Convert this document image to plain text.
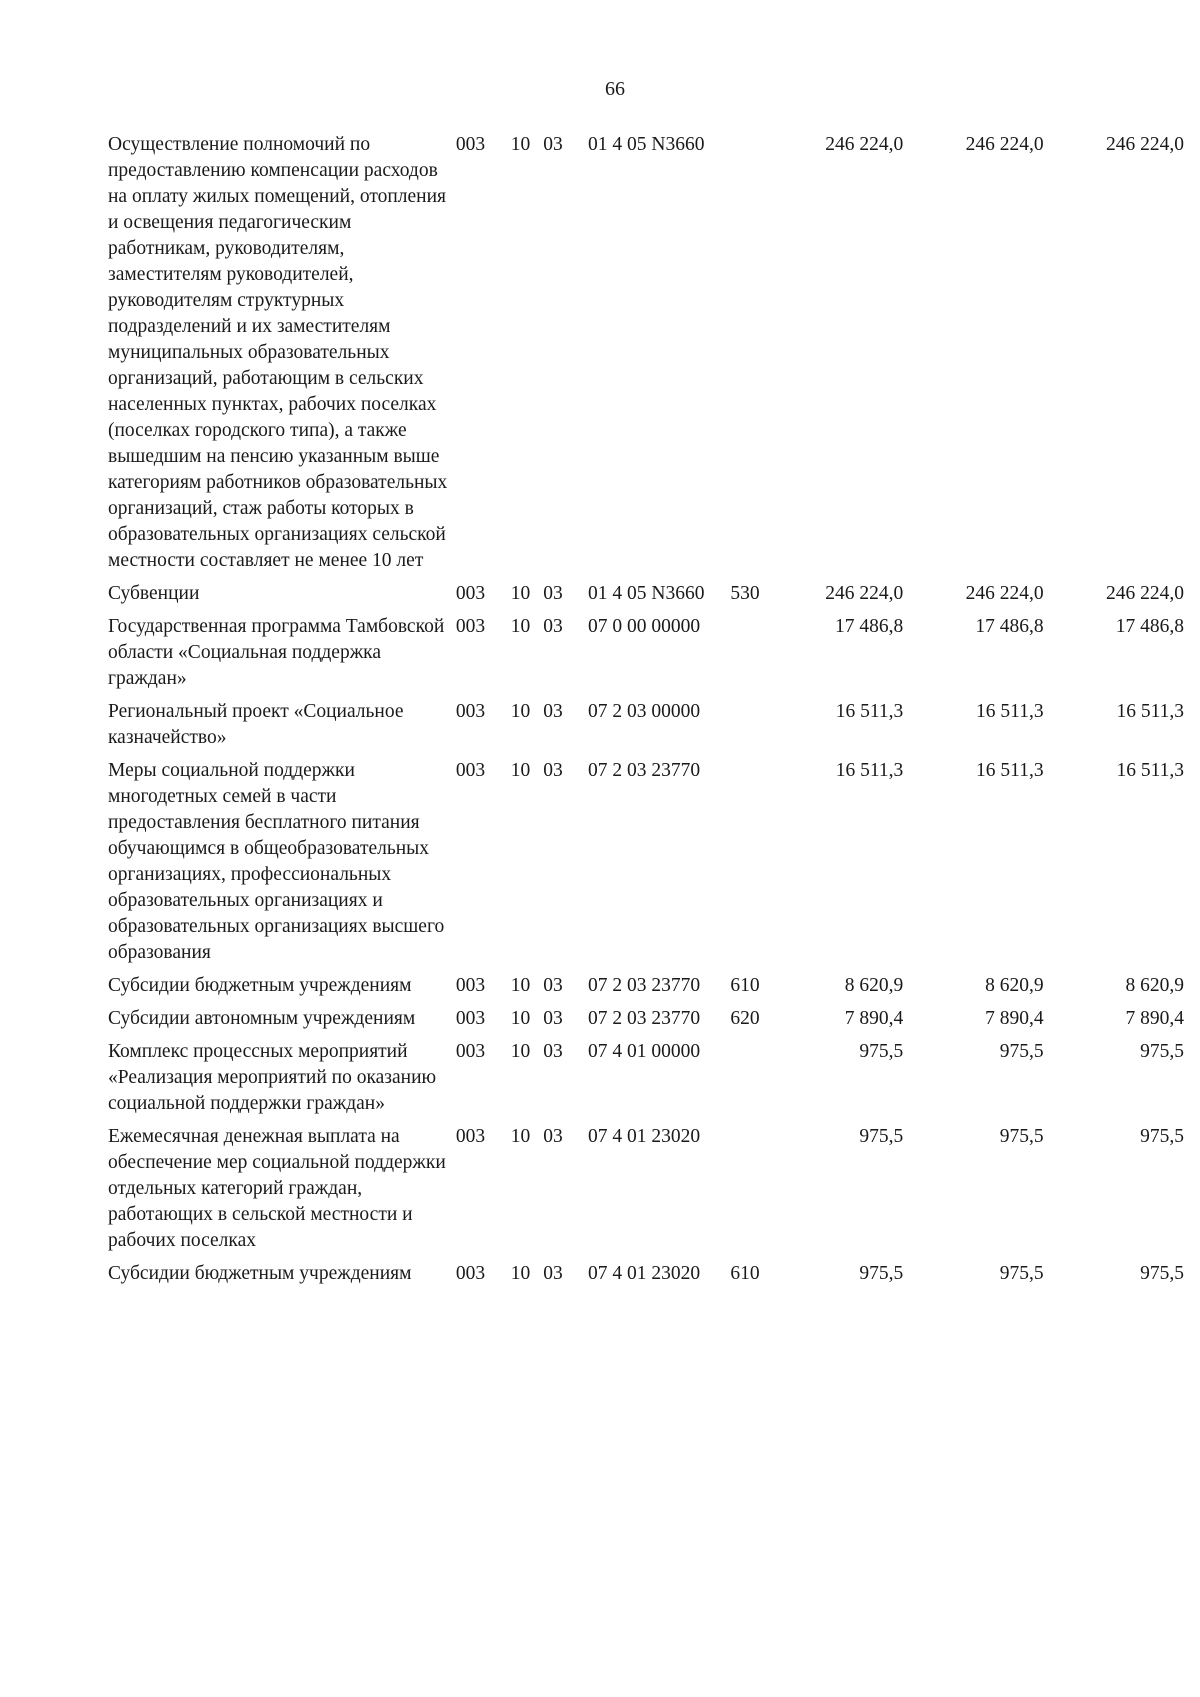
66
Осуществление полномочий по предоставлению компенсации расходов на оплату жилых помещений, отопления и освещения педагогическим работникам, руководителям, заместителям руководителей, руководителям структурных подразделений и их заместителям муниципальных образовательных организаций, работающим в сельских населенных пунктах, рабочих поселках (поселках городского типа), а также вышедшим на пенсию указанным выше категориям работников образовательных организаций, стаж работы которых в образовательных организациях сельской местности составляет не менее 10 лет	003	10	03	01 4 05 N3660		246 224,0	246 224,0	246 224,0
Субвенции	003	10	03	01 4 05 N3660	530	246 224,0	246 224,0	246 224,0
Государственная программа Тамбовской области «Социальная поддержка граждан»	003	10	03	07 0 00 00000		17 486,8	17 486,8	17 486,8
Региональный проект «Социальное казначейство»	003	10	03	07 2 03 00000		16 511,3	16 511,3	16 511,3
Меры социальной поддержки многодетных семей в части предоставления бесплатного питания обучающимся в общеобразовательных организациях, профессиональных образовательных организациях и образовательных организациях высшего образования	003	10	03	07 2 03 23770		16 511,3	16 511,3	16 511,3
Субсидии бюджетным учреждениям	003	10	03	07 2 03 23770	610	8 620,9	8 620,9	8 620,9
Субсидии автономным учреждениям	003	10	03	07 2 03 23770	620	7 890,4	7 890,4	7 890,4
Комплекс процессных мероприятий «Реализация мероприятий по оказанию социальной поддержки граждан»	003	10	03	07 4 01 00000		975,5	975,5	975,5
Ежемесячная денежная выплата на обеспечение мер социальной поддержки отдельных категорий граждан, работающих в сельской местности и рабочих поселках	003	10	03	07 4 01 23020		975,5	975,5	975,5
Субсидии бюджетным учреждениям	003	10	03	07 4 01 23020	610	975,5	975,5	975,5
